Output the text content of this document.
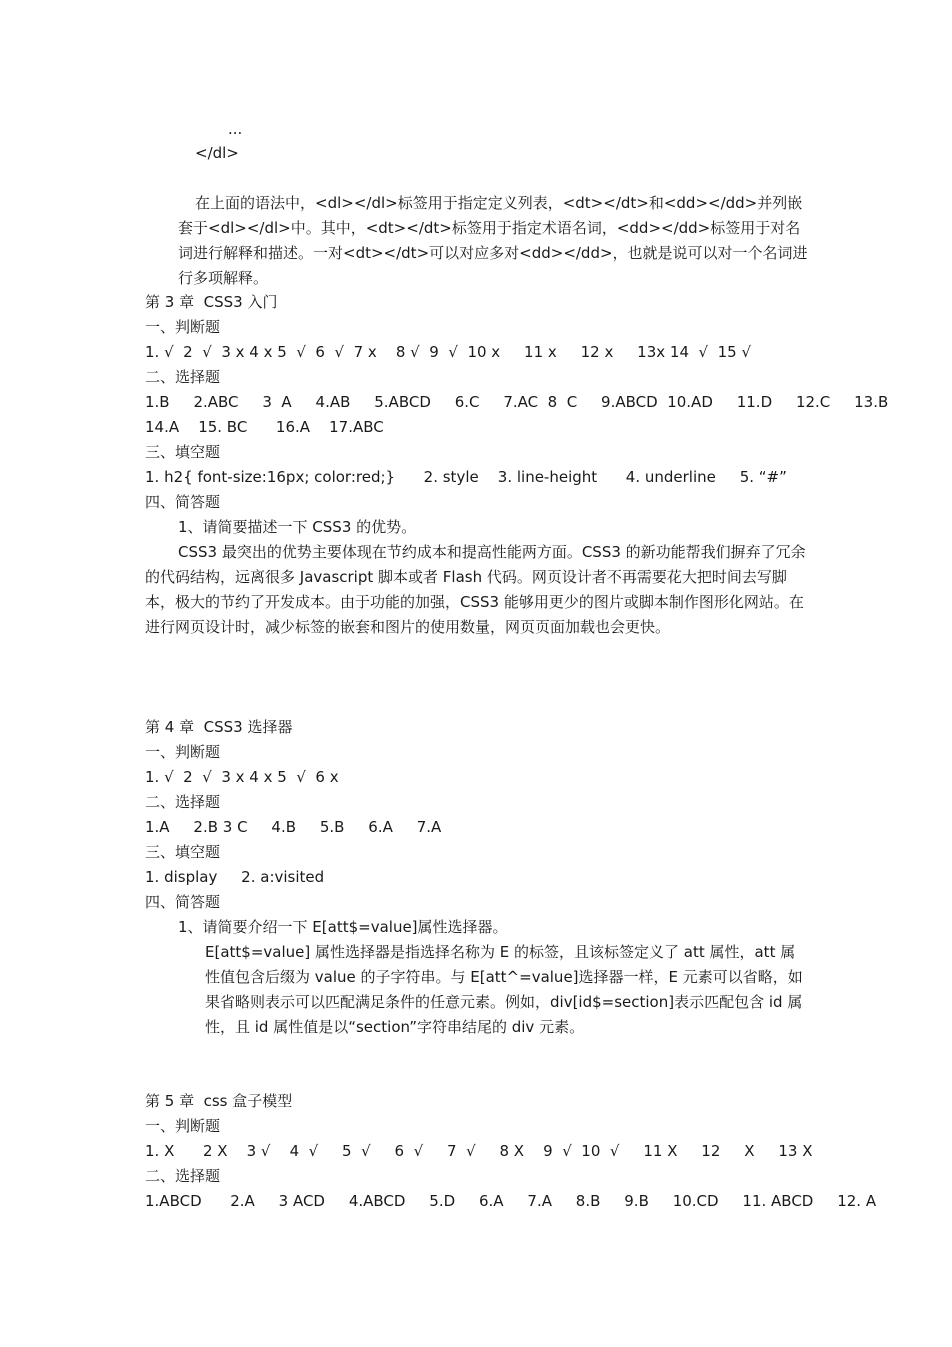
...
</dl>
在上面的语法中，<dl></dl>标签用于指定定义列表，<dt></dt>和<dd></dd>并列嵌套于<dl></dl>中。其中，<dt></dt>标签用于指定术语名词，<dd></dd>标签用于对名词进行解释和描述。一对<dt></dt>可以对应多对<dd></dd>，也就是说可以对一个名词进行多项解释。
第 3 章  CSS3 入门
一、判断题
1. √  2  √  3 x 4 x 5  √  6  √  7 x    8 √  9  √  10 x     11 x     12 x     13x 14  √  15 √
二、选择题
1.B     2.ABC     3  A     4.AB     5.ABCD     6.C     7.AC  8  C     9.ABCD  10.AD     11.D     12.C     13.B
14.A    15. BC      16.A    17.ABC
三、填空题
1. h2{ font-size:16px; color:red;}      2. style    3. line-height      4. underline     5. “#”
四、简答题
1、请简要描述一下 CSS3 的优势。
CSS3 最突出的优势主要体现在节约成本和提高性能两方面。CSS3 的新功能帮我们摒弃了冗余的代码结构，远离很多 Javascript 脚本或者 Flash 代码。网页设计者不再需要花大把时间去写脚本，极大的节约了开发成本。由于功能的加强，CSS3 能够用更少的图片或脚本制作图形化网站。在进行网页设计时，减少标签的嵌套和图片的使用数量，网页页面加载也会更快。
第 4 章  CSS3 选择器
一、判断题
1. √  2  √  3 x 4 x 5  √  6 x
二、选择题
1.A     2.B 3 C     4.B     5.B     6.A     7.A
三、填空题
1. display     2. a:visited
四、简答题
1、请简要介绍一下 E[att$=value]属性选择器。
E[att$=value] 属性选择器是指选择名称为 E 的标签，且该标签定义了 att 属性，att 属性值包含后缀为 value 的子字符串。与 E[att^=value]选择器一样，E 元素可以省略，如果省略则表示可以匹配满足条件的任意元素。例如，div[id$=section]表示匹配包含 id 属性，且 id 属性值是以“section”字符串结尾的 div 元素。
第 5 章  css 盒子模型
一、判断题
1. X      2 X    3 √    4  √     5  √     6  √     7  √     8 X    9  √  10  √     11 X     12     X     13 X
二、选择题
1.ABCD      2.A     3 ACD     4.ABCD     5.D     6.A     7.A     8.B     9.B     10.CD     11. ABCD     12. A
